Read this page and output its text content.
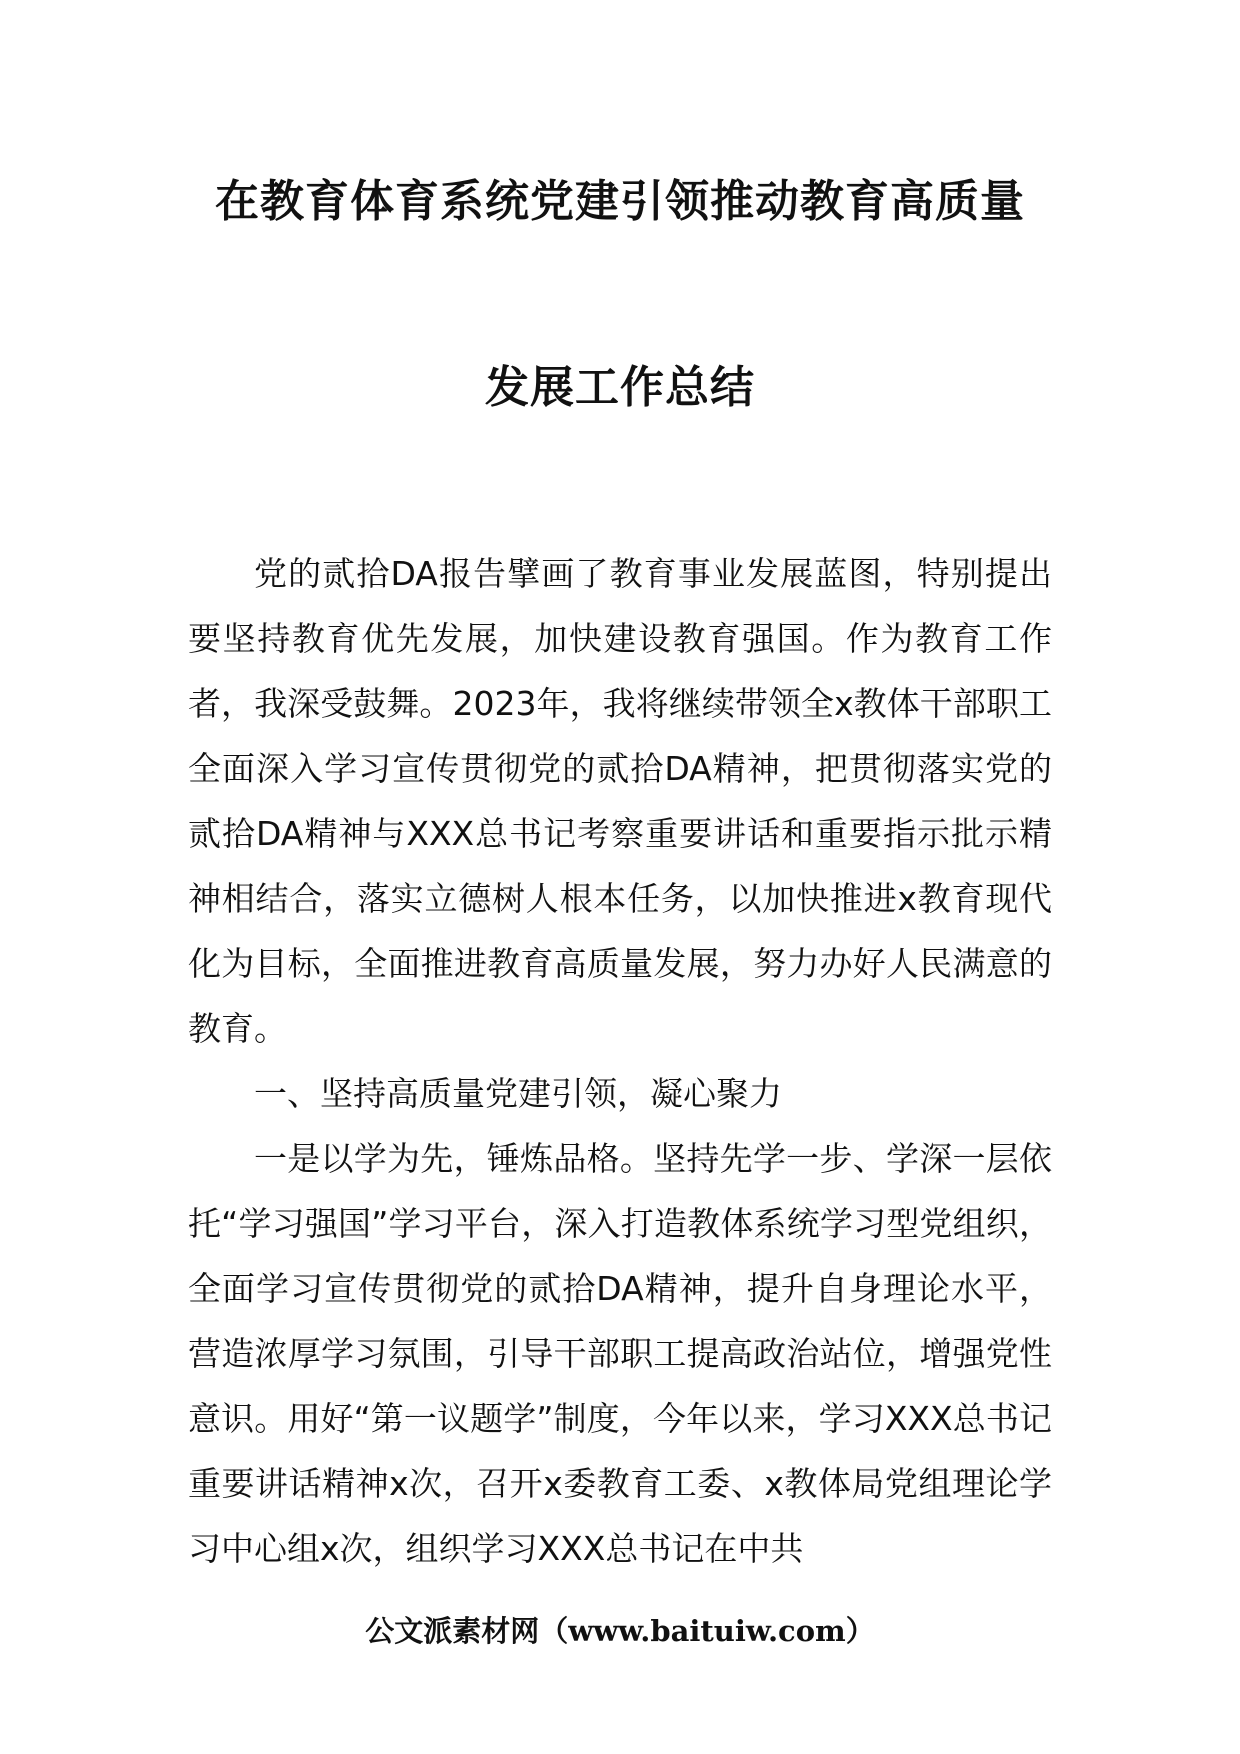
在教育体育系统党建引领推动教育高质量
发展工作总结

党的贰拾DA报告擘画了教育事业发展蓝图，特别提出要坚持教育优先发展，加快建设教育强国。作为教育工作者，我深受鼓舞。2023年，我将继续带领全x教体干部职工全面深入学习宣传贯彻党的贰拾DA精神，把贯彻落实党的贰拾DA精神与XXX总书记考察重要讲话和重要指示批示精神相结合，落实立德树人根本任务，以加快推进x教育现代化为目标，全面推进教育高质量发展，努力办好人民满意的教育。

一、坚持高质量党建引领，凝心聚力

一是以学为先，锤炼品格。坚持先学一步、学深一层依托“学习强国”学习平台，深入打造教体系统学习型党组织，全面学习宣传贯彻党的贰拾DA精神，提升自身理论水平，营造浓厚学习氛围，引导干部职工提高政治站位，增强党性意识。用好“第一议题学”制度，今年以来，学习XXX总书记重要讲话精神x次，召开x委教育工委、x教体局党组理论学习中心组x次，组织学习XXX总书记在中共

公文派素材网（www.baituiw.com）
